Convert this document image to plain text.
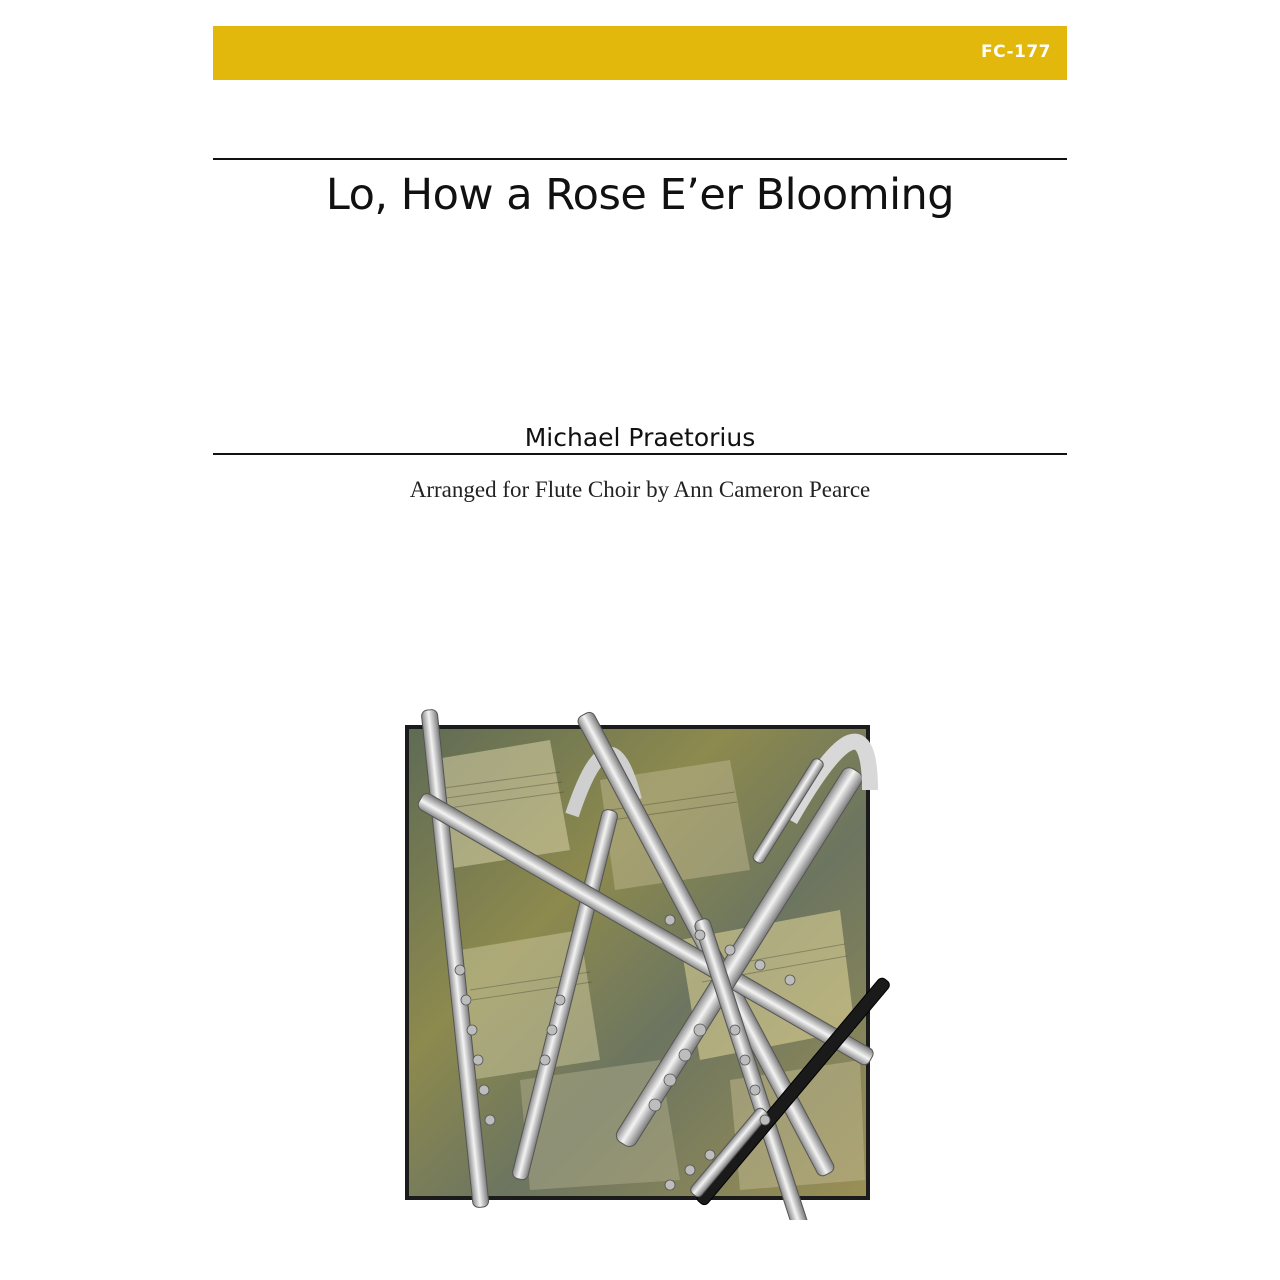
FC-177
Lo, How a Rose E’er Blooming
Michael Praetorius
Arranged for Flute Choir by Ann Cameron Pearce
